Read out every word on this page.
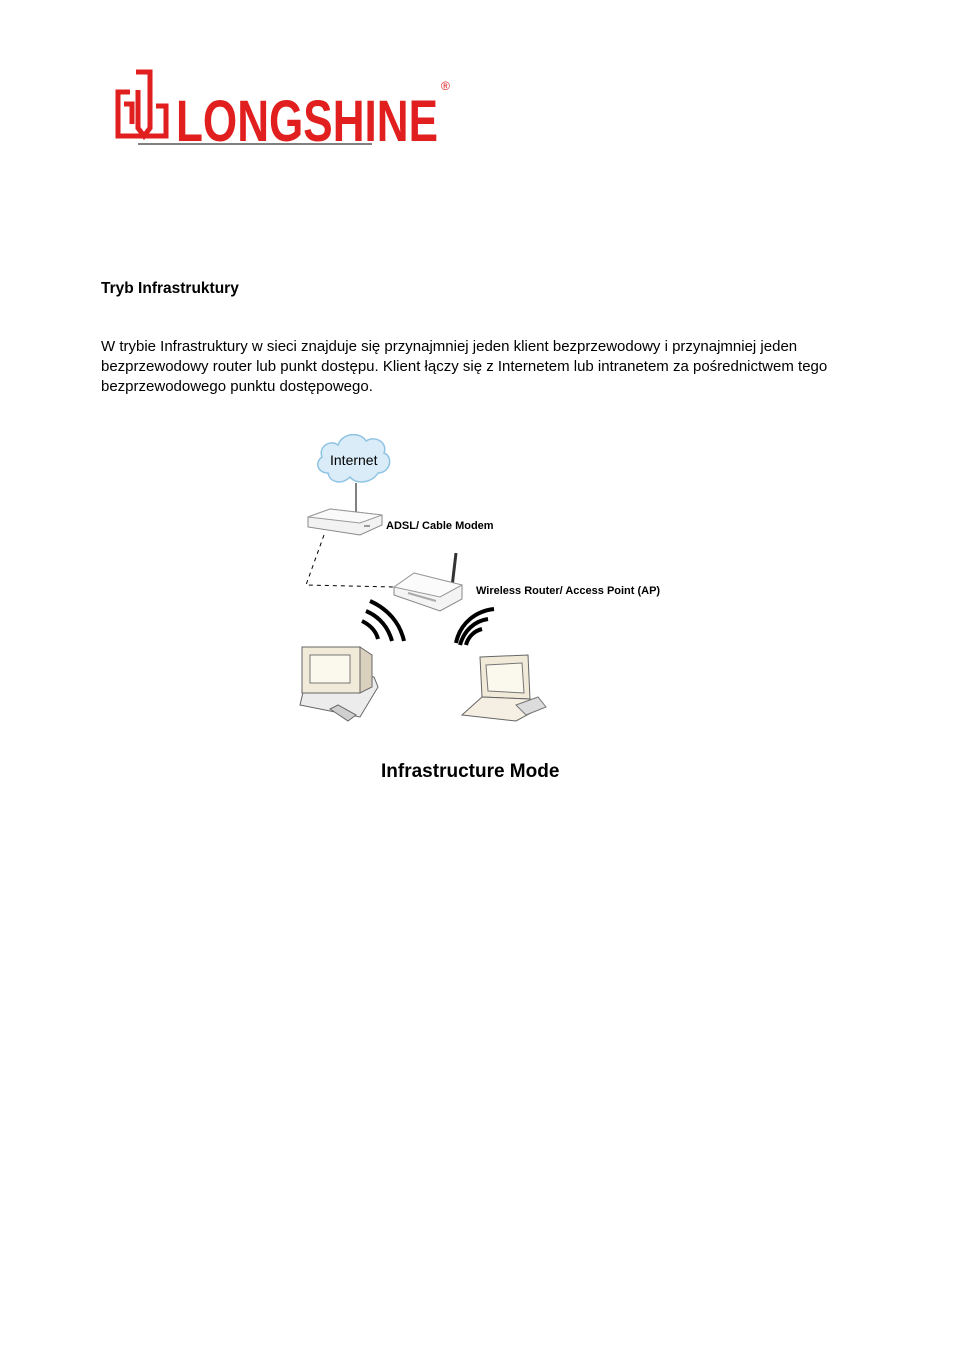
LONGSHINE
®
Tryb Infrastruktury

W trybie Infrastruktury w sieci znajduje się przynajmniej jeden klient bezprzewodowy i przynajmniej jeden bezprzewodowy router lub punkt dostępu. Klient łączy się z Internetem lub intranetem za pośrednictwem tego bezprzewodowego punktu dostępowego.

Internet
ADSL/ Cable Modem
Wireless Router/ Access Point (AP)
Infrastructure Mode
